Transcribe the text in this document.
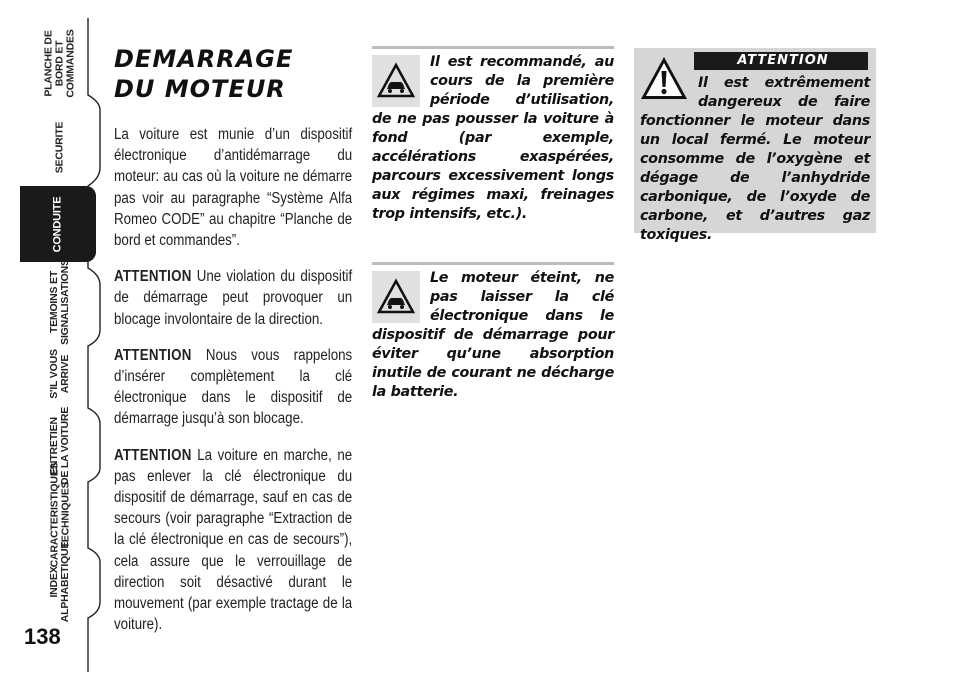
PLANCHE DE
BORD ET
COMMANDES
SECURITE
CONDUITE
TEMOINS ET
SIGNALISATIONS
S'IL VOUS
ARRIVE
ENTRETIEN
DE LA VOITURE
CARACTERISTIQUES
TECHNIQUES
INDEX
ALPHABETIQUE
138
DEMARRAGE
DU MOTEUR

La voiture est munie d’un dispositif électronique d’antidémarrage du moteur: au cas où la voiture ne démarre pas voir au paragraphe “Système Alfa Romeo CODE” au chapitre “Planche de bord et commandes”.

ATTENTION Une violation du dispositif de démarrage peut provoquer un blocage involontaire de la direction.

ATTENTION Nous vous rappelons d’insérer complètement la clé électronique dans le dispositif de démarrage jusqu’à son blocage.

ATTENTION La voiture en marche, ne pas enlever la clé électronique du dispositif de démarrage, sauf en cas de secours (voir paragraphe “Extraction de la clé électronique en cas de secours”), cela assure que le verrouillage de direction soit désactivé durant le mouvement (par exemple tractage de la voiture).

Il est recommandé, au cours de la première période d’utilisation, de ne pas pousser la voiture à fond (par exemple, accélérations exaspérées, parcours excessivement longs aux régimes maxi, freinages trop intensifs, etc.).
Le moteur éteint, ne pas laisser la clé électronique dans le dispositif de démarrage pour éviter qu’une absorption inutile de courant ne décharge la batterie.
ATTENTION
Il est extrêmement dangereux de faire fonctionner le moteur dans un local fermé. Le moteur consomme de l’oxygène et dégage de l’anhydride carbonique, de l’oxyde de carbone, et d’autres gaz toxiques.
